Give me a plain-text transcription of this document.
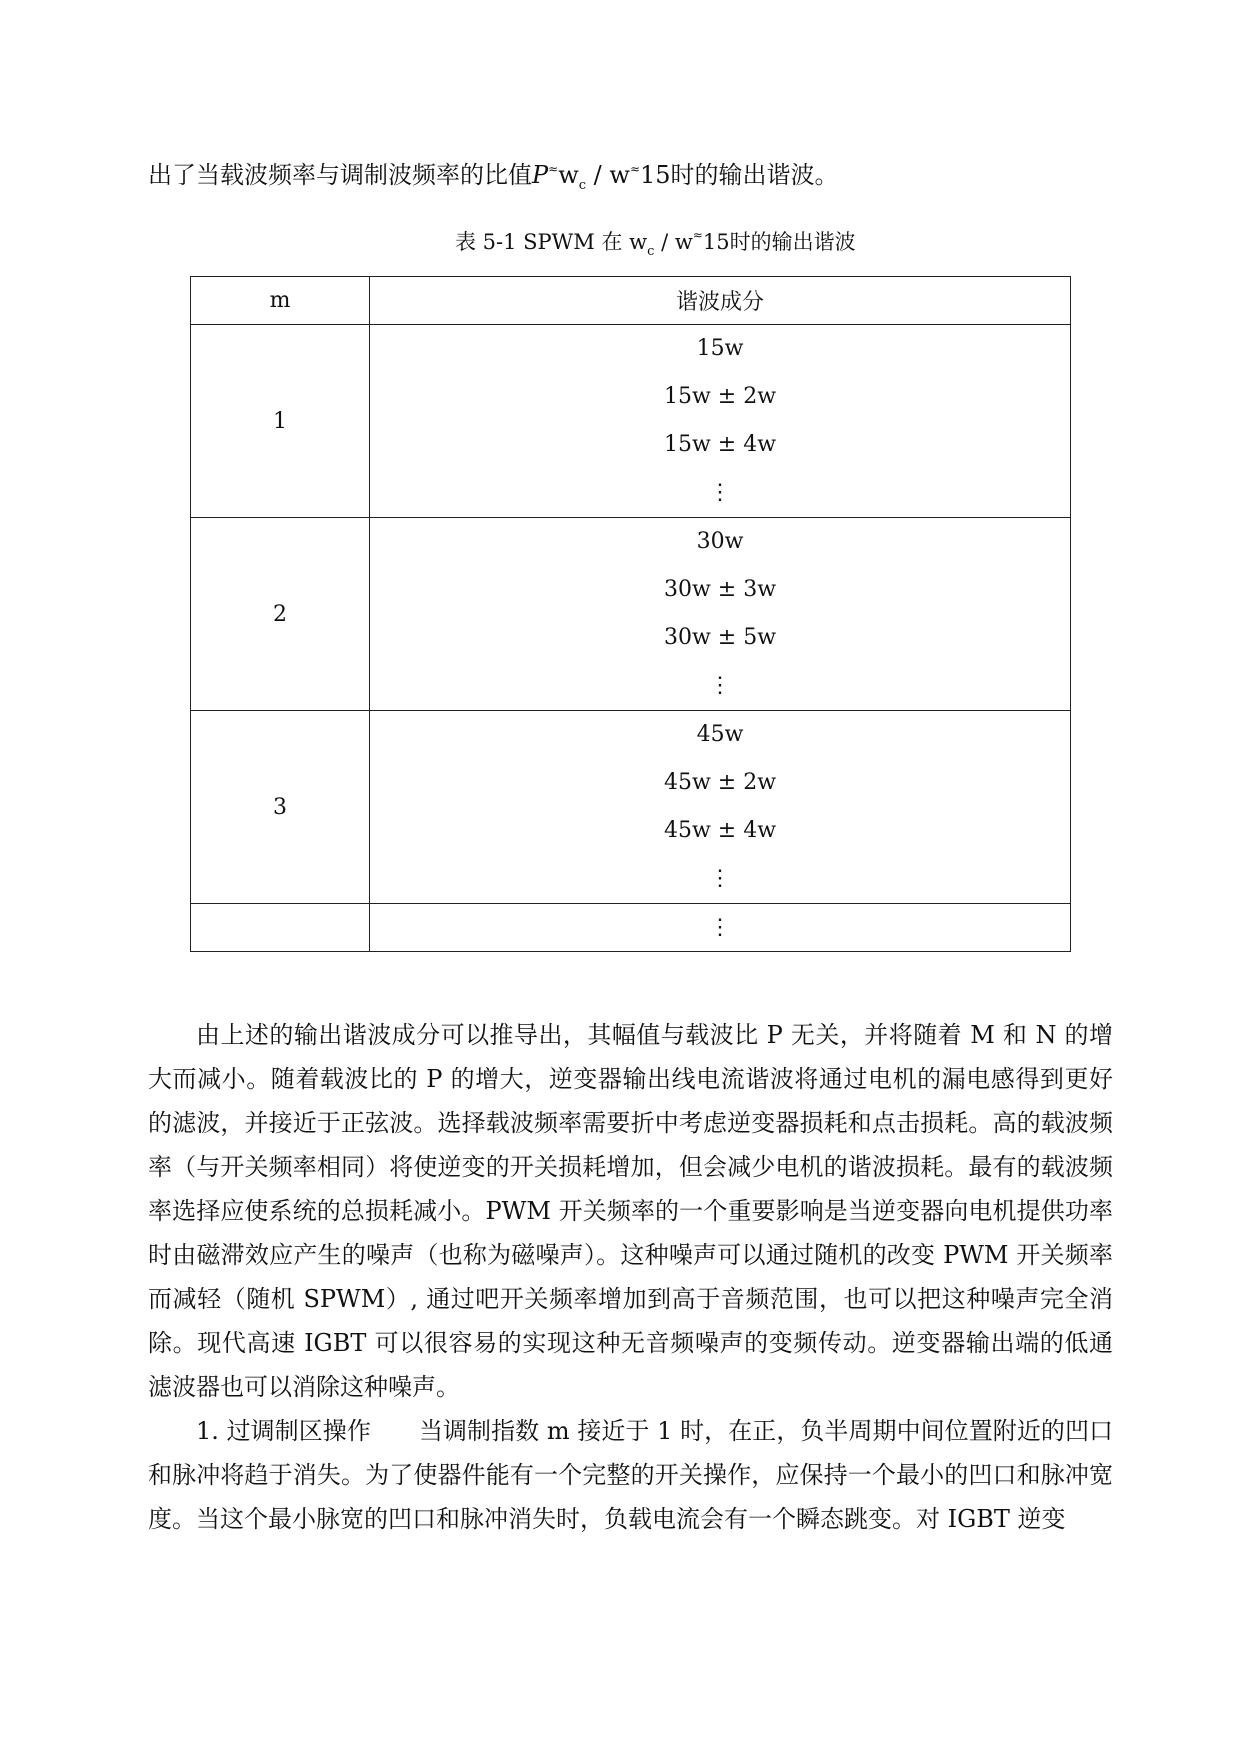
出了当载波频率与调制波频率的比值$P^\approx w_c / w^\approx 15$时的输出谐波。
表 5-1 SPWM 在 $w_c / w^\approx 15$时的输出谐波
m	谐波成分
1	15w
15w ± 2w
15w ± 4w
⋮

2	30w
30w ± 3w
30w ± 5w
⋮

3	45w
45w ± 2w
45w ± 4w
⋮

	⋮

由上述的输出谐波成分可以推导出，其幅值与载波比 P 无关，并将随着 M 和 N 的增大而减小。随着载波比的 P 的增大，逆变器输出线电流谐波将通过电机的漏电感得到更好的滤波，并接近于正弦波。选择载波频率需要折中考虑逆变器损耗和点击损耗。高的载波频率（与开关频率相同）将使逆变的开关损耗增加，但会减少电机的谐波损耗。最有的载波频率选择应使系统的总损耗减小。PWM 开关频率的一个重要影响是当逆变器向电机提供功率时由磁滞效应产生的噪声（也称为磁噪声）。这种噪声可以通过随机的改变 PWM 开关频率而减轻（随机 SPWM）, 通过吧开关频率增加到高于音频范围，也可以把这种噪声完全消除。现代高速 IGBT 可以很容易的实现这种无音频噪声的变频传动。逆变器输出端的低通滤波器也可以消除这种噪声。

1. 过调制区操作 当调制指数 m 接近于 1 时，在正，负半周期中间位置附近的凹口和脉冲将趋于消失。为了使器件能有一个完整的开关操作，应保持一个最小的凹口和脉冲宽度。当这个最小脉宽的凹口和脉冲消失时，负载电流会有一个瞬态跳变。对 IGBT 逆变
